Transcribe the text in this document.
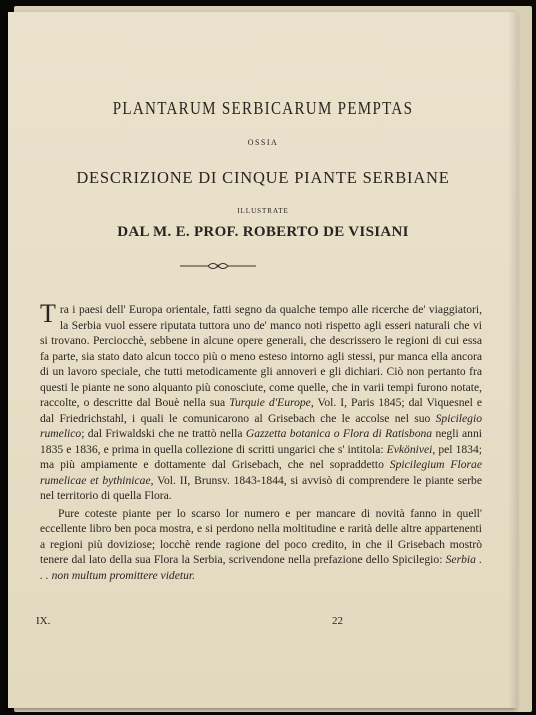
PLANTARUM SERBICARUM PEMPTAS
OSSIA
DESCRIZIONE DI CINQUE PIANTE SERBIANE
ILLUSTRATE
DAL M. E. PROF. ROBERTO DE VISIANI

Tra i paesi dell' Europa orientale, fatti segno da qualche tempo alle ricerche de' viaggiatori, la Serbia vuol essere riputata tuttora uno de' manco noti rispetto agli esseri naturali che vi si trovano. Perciocchè, sebbene in alcune opere generali, che descrissero le regioni di cui essa fa parte, sia stato dato alcun tocco più o meno esteso intorno agli stessi, pur manca ella ancora di un lavoro speciale, che tutti metodicamente gli annoveri e gli dichiari. Ciò non pertanto fra questi le piante ne sono alquanto più conosciute, come quelle, che in varii tempi furono notate, raccolte, o descritte dal Bouè nella sua Turquie d'Europe, Vol. I, Paris 1845; dal Viquesnel e dal Friedrichstahl, i quali le comunicarono al Grisebach che le accolse nel suo Spicilegio rumelico; dal Friwaldski che ne trattò nella Gazzetta botanica o Flora di Ratisbona negli anni 1835 e 1836, e prima in quella collezione di scritti ungarici che s' intitola: Evkönivei, pel 1834; ma più ampiamente e dottamente dal Grisebach, che nel sopraddetto Spicilegium Florae rumelicae et bythinicae, Vol. II, Brunsv. 1843-1844, si avvisò di comprendere le piante serbe nel territorio di quella Flora.

Pure coteste piante per lo scarso lor numero e per mancare di novità fanno in quell' eccellente libro ben poca mostra, e si perdono nella moltitudine e rarità delle altre appartenenti a regioni più doviziose; locchè rende ragione del poco credito, in che il Grisebach mostrò tenere dal lato della sua Flora la Serbia, scrivendone nella prefazione dello Spicilegio: Serbia . . . non multum promittere videtur.

IX.	22
